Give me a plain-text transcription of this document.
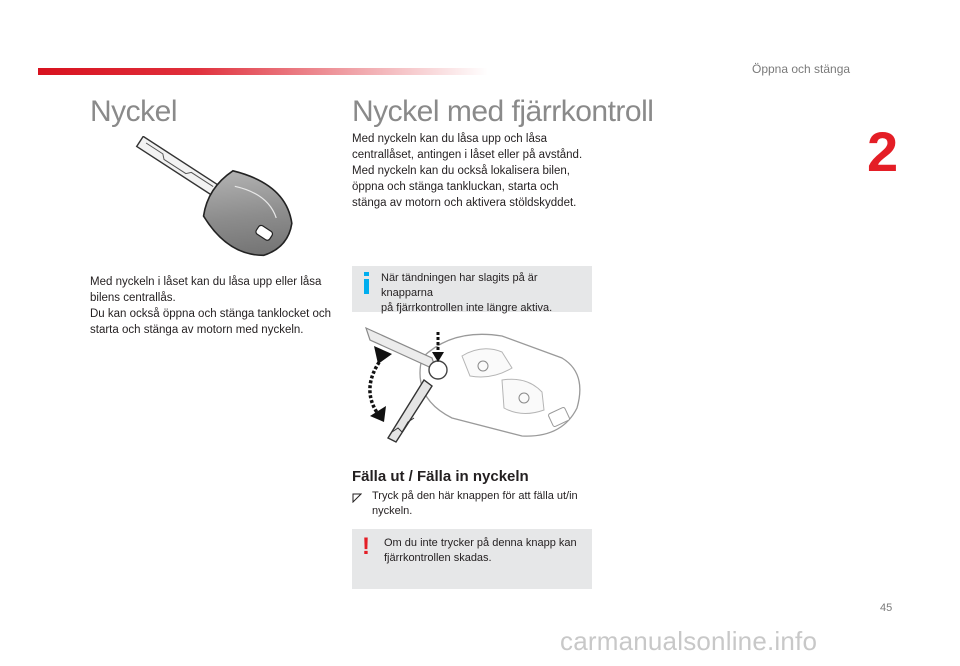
Öppna och stänga
2
Nyckel
Med nyckeln i låset kan du låsa upp eller låsa
bilens centrallås.
Du kan också öppna och stänga tanklocket och
starta och stänga av motorn med nyckeln.
Nyckel med fjärrkontroll
Med nyckeln kan du låsa upp och låsa
centrallåset, antingen i låset eller på avstånd.
Med nyckeln kan du också lokalisera bilen,
öppna och stänga tankluckan, starta och
stänga av motorn och aktivera stöldskyddet.
När tändningen har slagits på är knapparna
på fjärrkontrollen inte längre aktiva.
Fälla ut / Fälla in nyckeln
Tryck på den här knappen för att fälla ut/in
nyckeln.
! Om du inte trycker på denna knapp kan
fjärrkontrollen skadas.
45
carmanualsonline.info
